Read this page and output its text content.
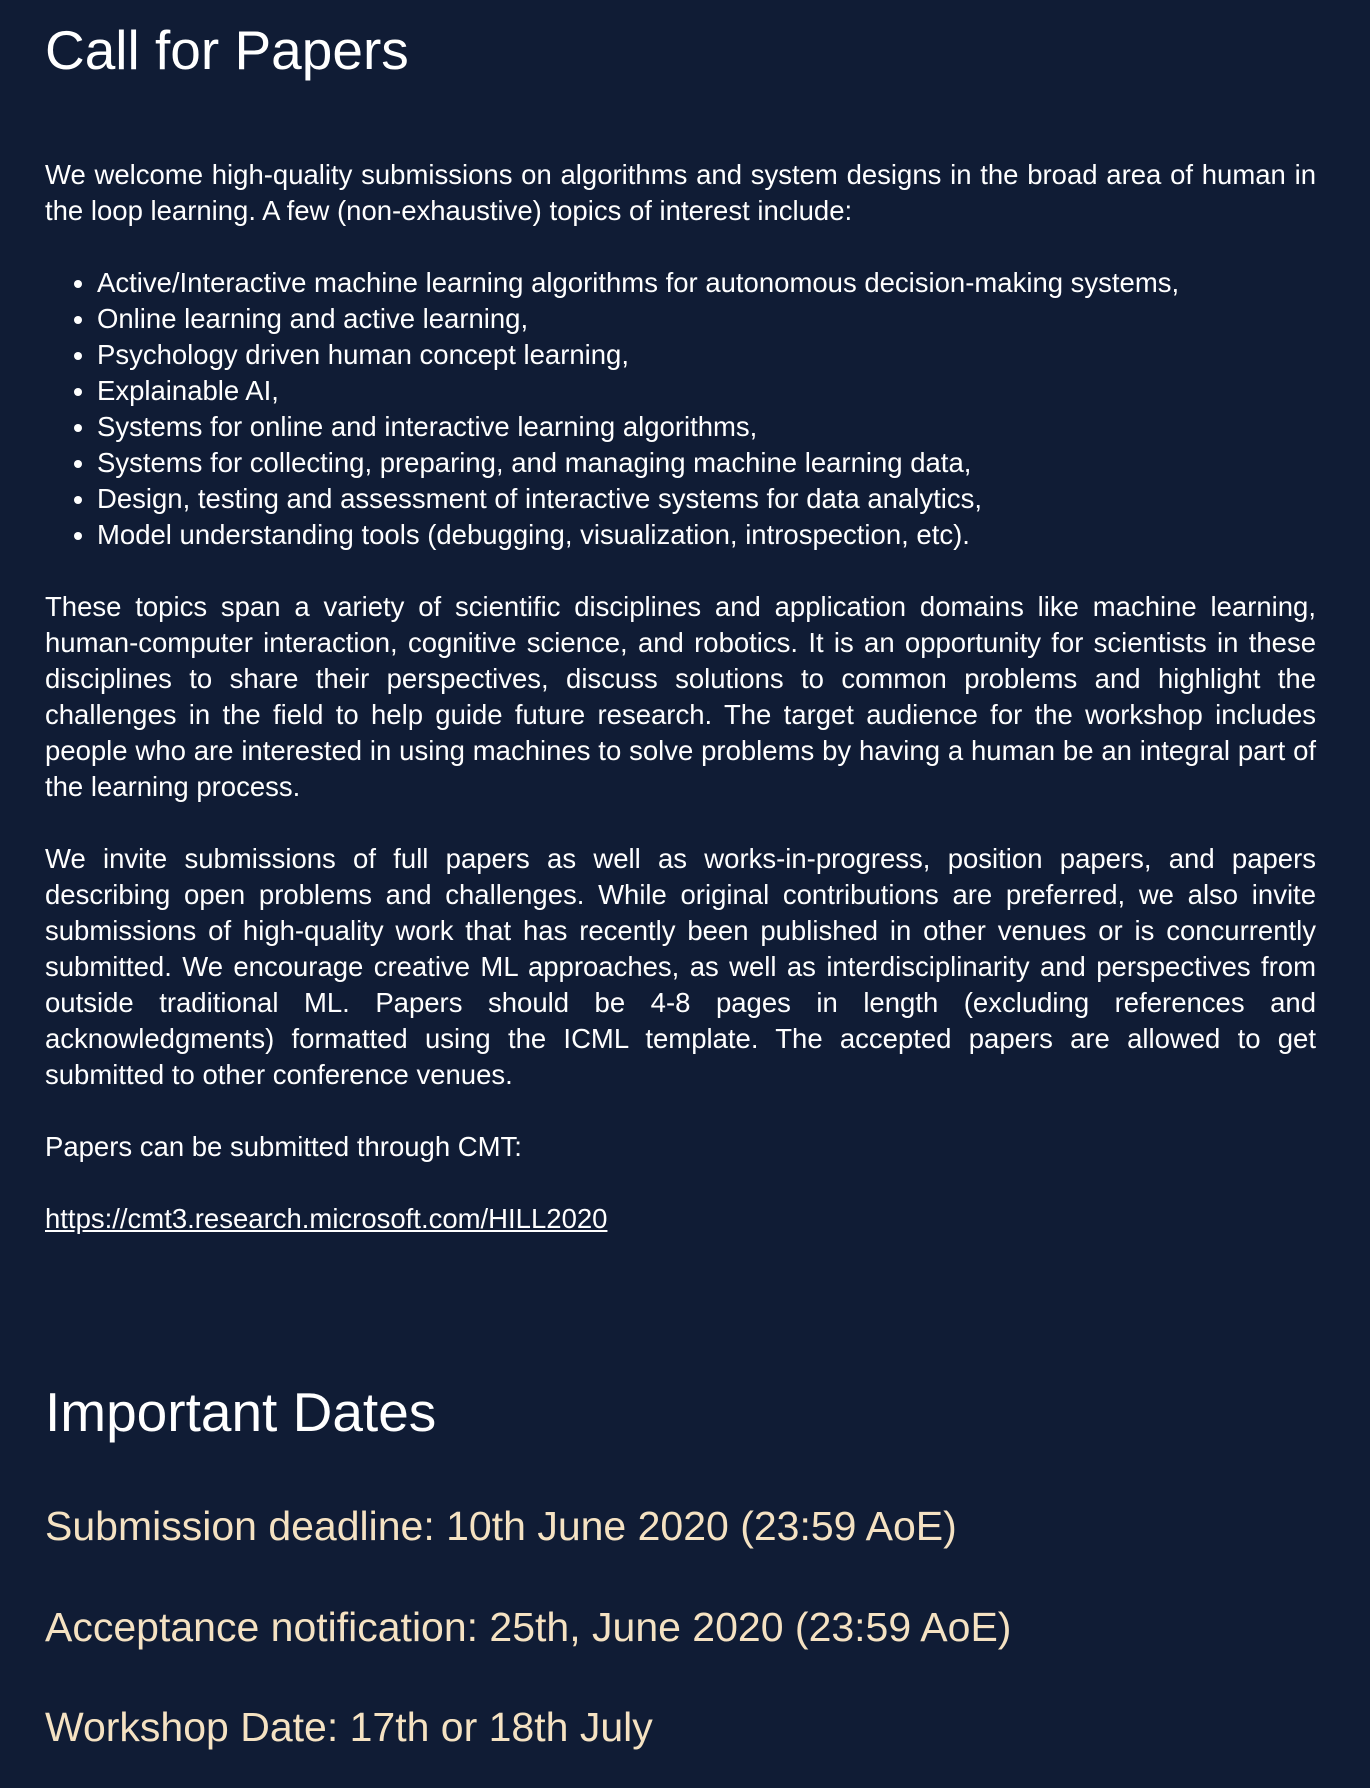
Call for Papers

We welcome high-quality submissions on algorithms and system designs in the broad area of human in the loop learning. A few (non-exhaustive) topics of interest include:

• Active/Interactive machine learning algorithms for autonomous decision-making systems,
• Online learning and active learning,
• Psychology driven human concept learning,
• Explainable AI,
• Systems for online and interactive learning algorithms,
• Systems for collecting, preparing, and managing machine learning data,
• Design, testing and assessment of interactive systems for data analytics,
• Model understanding tools (debugging, visualization, introspection, etc).

These topics span a variety of scientific disciplines and application domains like machine learning, human-computer interaction, cognitive science, and robotics. It is an opportunity for scientists in these disciplines to share their perspectives, discuss solutions to common problems and highlight the challenges in the field to help guide future research. The target audience for the workshop includes people who are interested in using machines to solve problems by having a human be an integral part of the learning process.

We invite submissions of full papers as well as works-in-progress, position papers, and papers describing open problems and challenges. While original contributions are preferred, we also invite submissions of high-quality work that has recently been published in other venues or is concurrently submitted. We encourage creative ML approaches, as well as interdisciplinarity and perspectives from outside traditional ML. Papers should be 4-8 pages in length (excluding references and acknowledgments) formatted using the ICML template. The accepted papers are allowed to get submitted to other conference venues.

Papers can be submitted through CMT:

https://cmt3.research.microsoft.com/HILL2020

Important Dates

Submission deadline: 10th June 2020 (23:59 AoE)

Acceptance notification: 25th, June 2020 (23:59 AoE)

Workshop Date: 17th or 18th July
